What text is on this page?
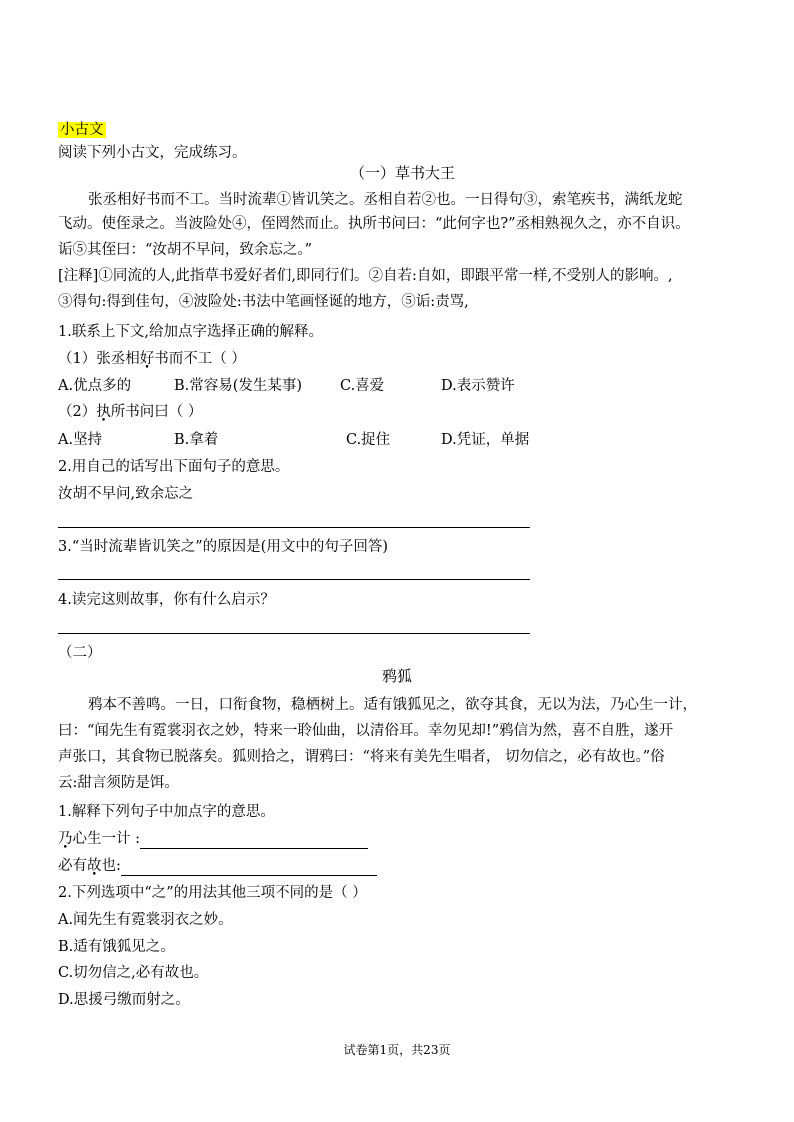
小古文
阅读下列小古文，完成练习。
（一）草书大王
张丞相好书而不工。当时流辈①皆讥笑之。丞相自若②也。一日得句③，索笔疾书，满纸龙蛇
飞动。使侄录之。当波险处④，侄罔然而止。执所书问曰：“此何字也?”丞相熟视久之，亦不自识。
诟⑤其侄曰：“汝胡不早问，致余忘之。”
[注释]①同流的人,此指草书爱好者们,即同行们。②自若:自如，即跟平常一样,不受别人的影响。,
③得句:得到佳句，④波险处:书法中笔画怪诞的地方，⑤诟:责骂,
1.联系上下文,给加点字选择正确的解释。
（1）张丞相好书而不工（ ）
A.优点多的	B.常容易(发生某事)	C.喜爱	D.表示赞许
（2）执所书问曰（ ）
A.坚持	B.拿着	C.捉住	D.凭证，单据
2.用自己的话写出下面句子的意思。
汝胡不早问,致余忘之
3.“当时流辈皆讥笑之”的原因是(用文中的句子回答)
4.读完这则故事，你有什么启示？
（二）
鸦狐
鸦本不善鸣。一日，口衔食物，稳栖树上。适有饿狐见之，欲夺其食，无以为法，乃心生一计，
曰：“闻先生有霓裳羽衣之妙，特来一聆仙曲，以清俗耳。幸勿见却!”鸦信为然，喜不自胜，遂开
声张口，其食物已脱落矣。狐则拾之，谓鸦曰：“将来有美先生唱者， 切勿信之，必有故也。”俗
云:甜言须防是饵。
1.解释下列句子中加点字的意思。
乃心生一计 :
必有故也:
2.下列选项中“之”的用法其他三项不同的是（ ）
A.闻先生有霓裳羽衣之妙。
B.适有饿狐见之。
C.切勿信之,必有故也。
D.思援弓缴而射之。
试卷第1页，共23页
